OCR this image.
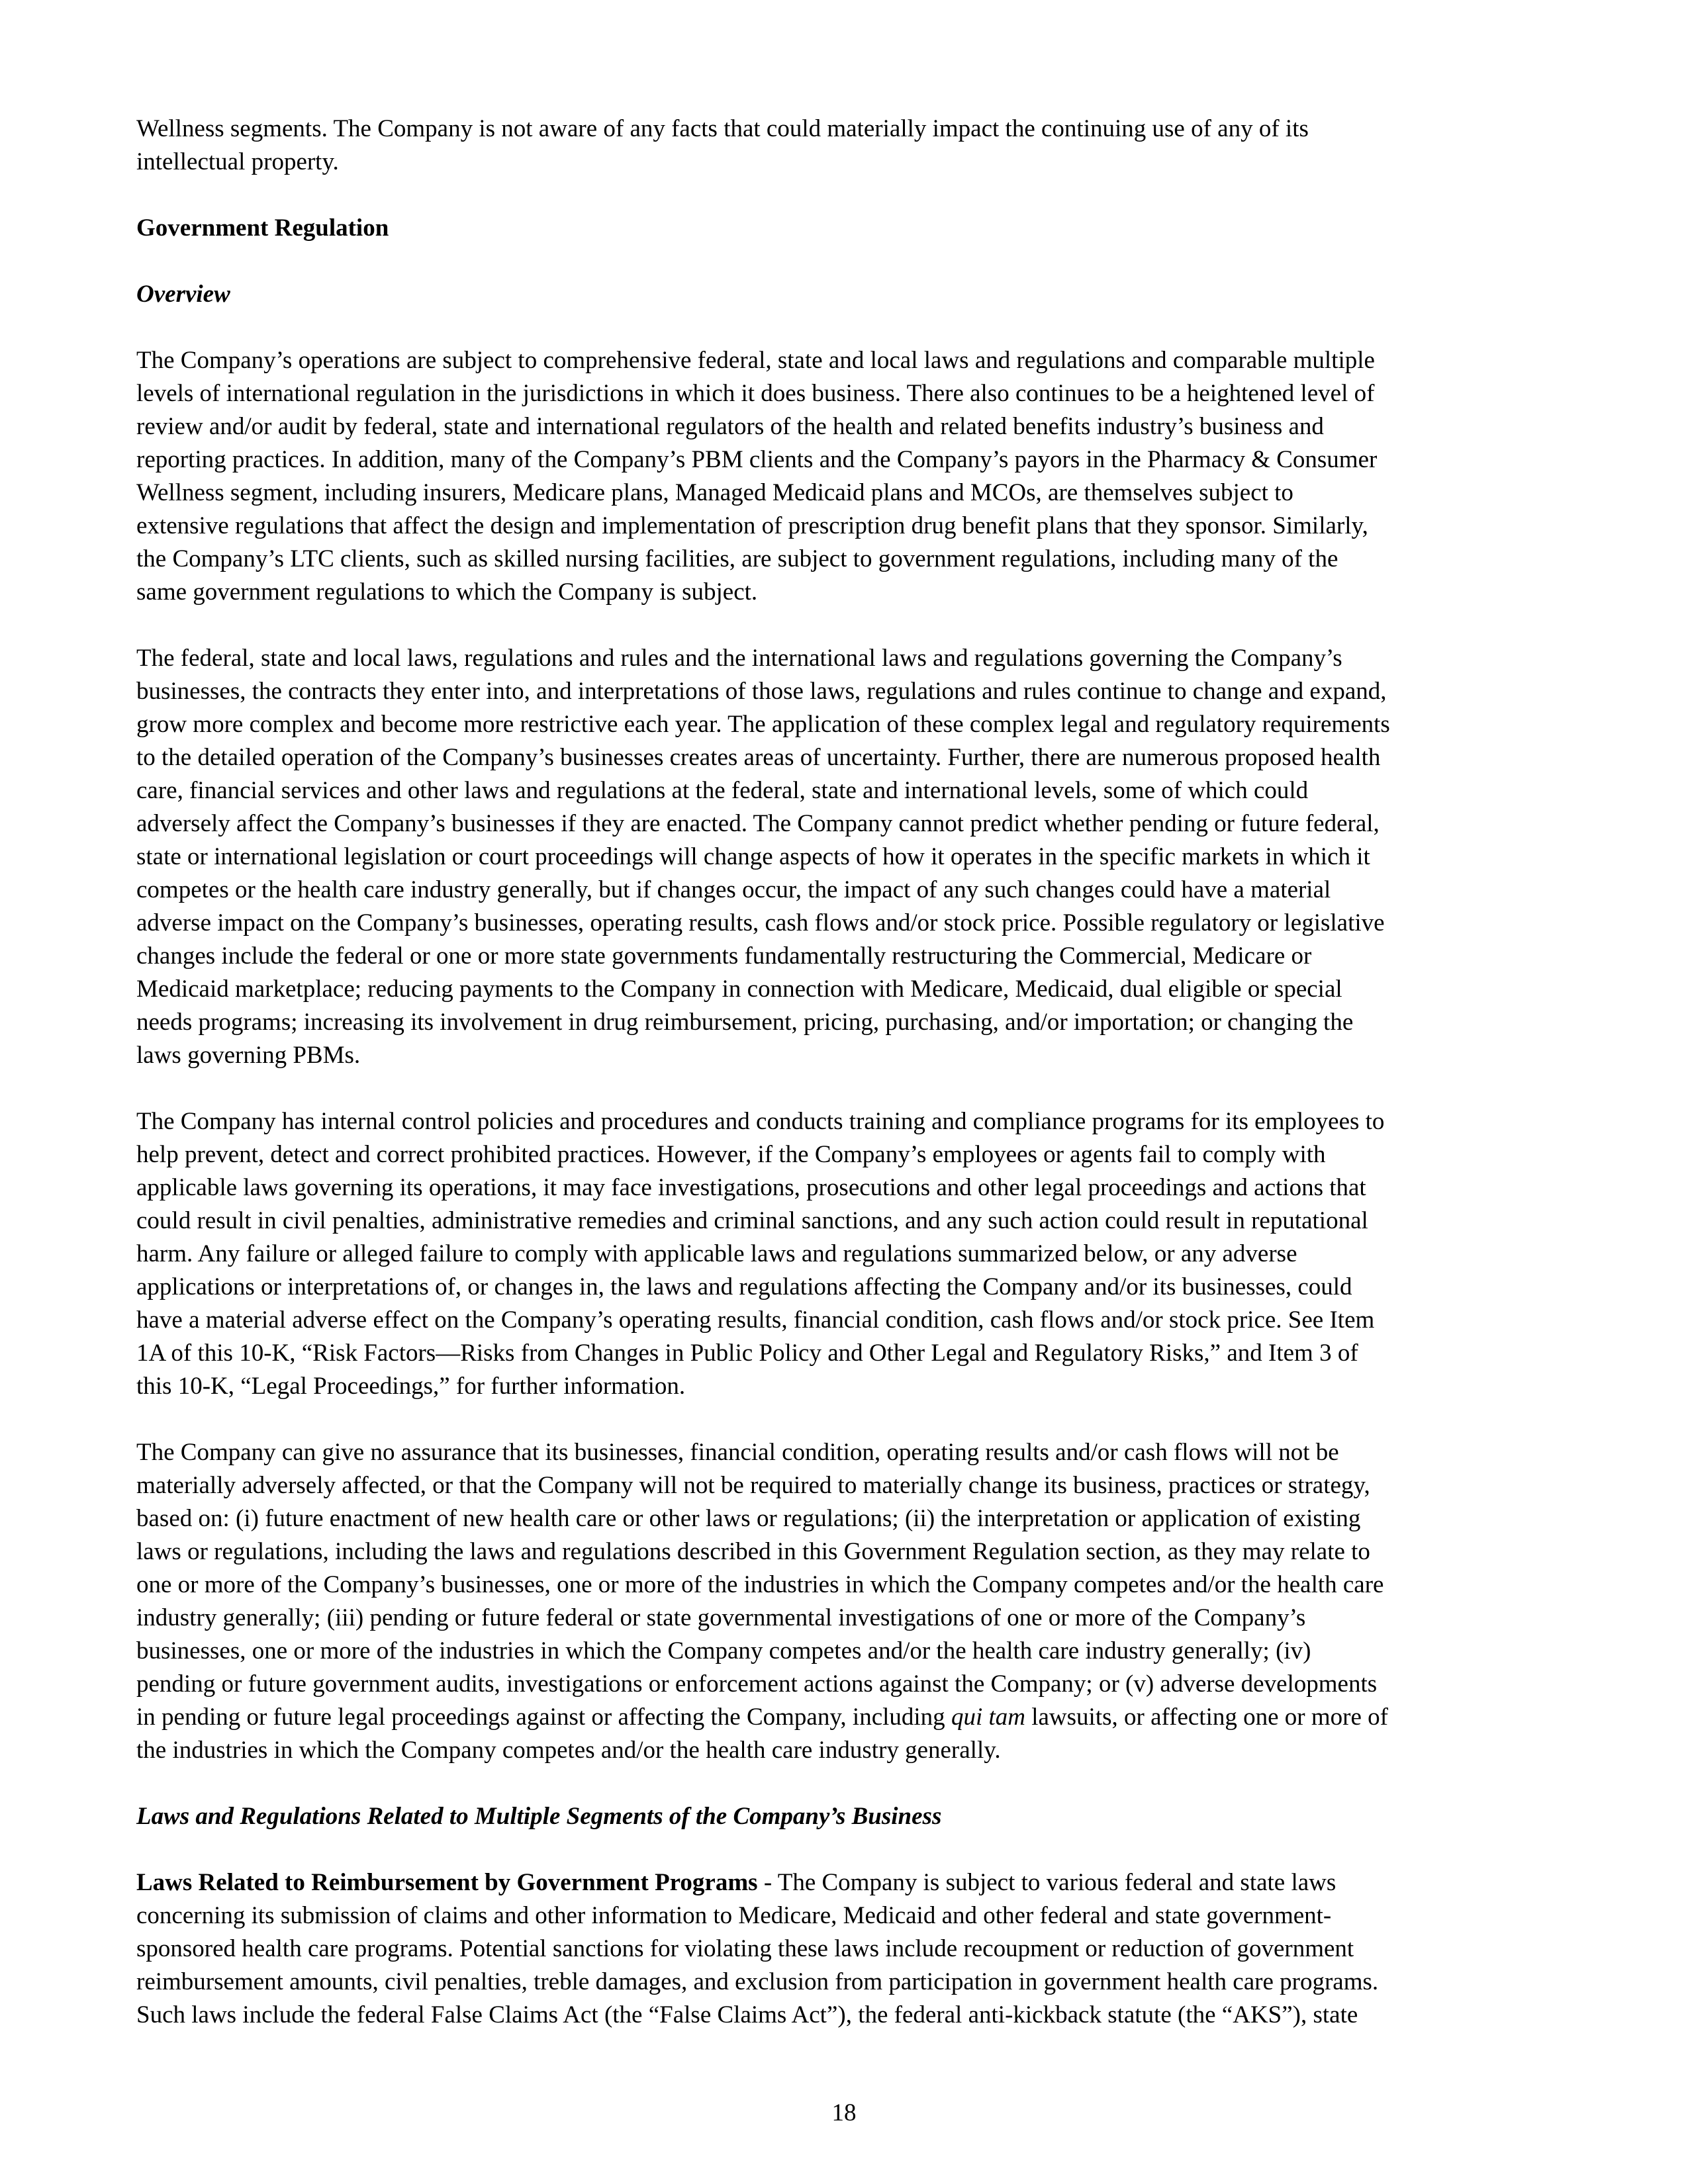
Wellness segments. The Company is not aware of any facts that could materially impact the continuing use of any of its
intellectual property.
Government Regulation
Overview
The Company’s operations are subject to comprehensive federal, state and local laws and regulations and comparable multiple
levels of international regulation in the jurisdictions in which it does business. There also continues to be a heightened level of
review and/or audit by federal, state and international regulators of the health and related benefits industry’s business and
reporting practices. In addition, many of the Company’s PBM clients and the Company’s payors in the Pharmacy & Consumer
Wellness segment, including insurers, Medicare plans, Managed Medicaid plans and MCOs, are themselves subject to
extensive regulations that affect the design and implementation of prescription drug benefit plans that they sponsor. Similarly,
the Company’s LTC clients, such as skilled nursing facilities, are subject to government regulations, including many of the
same government regulations to which the Company is subject.
The federal, state and local laws, regulations and rules and the international laws and regulations governing the Company’s
businesses, the contracts they enter into, and interpretations of those laws, regulations and rules continue to change and expand,
grow more complex and become more restrictive each year. The application of these complex legal and regulatory requirements
to the detailed operation of the Company’s businesses creates areas of uncertainty. Further, there are numerous proposed health
care, financial services and other laws and regulations at the federal, state and international levels, some of which could
adversely affect the Company’s businesses if they are enacted. The Company cannot predict whether pending or future federal,
state or international legislation or court proceedings will change aspects of how it operates in the specific markets in which it
competes or the health care industry generally, but if changes occur, the impact of any such changes could have a material
adverse impact on the Company’s businesses, operating results, cash flows and/or stock price. Possible regulatory or legislative
changes include the federal or one or more state governments fundamentally restructuring the Commercial, Medicare or
Medicaid marketplace; reducing payments to the Company in connection with Medicare, Medicaid, dual eligible or special
needs programs; increasing its involvement in drug reimbursement, pricing, purchasing, and/or importation; or changing the
laws governing PBMs.
The Company has internal control policies and procedures and conducts training and compliance programs for its employees to
help prevent, detect and correct prohibited practices. However, if the Company’s employees or agents fail to comply with
applicable laws governing its operations, it may face investigations, prosecutions and other legal proceedings and actions that
could result in civil penalties, administrative remedies and criminal sanctions, and any such action could result in reputational
harm. Any failure or alleged failure to comply with applicable laws and regulations summarized below, or any adverse
applications or interpretations of, or changes in, the laws and regulations affecting the Company and/or its businesses, could
have a material adverse effect on the Company’s operating results, financial condition, cash flows and/or stock price. See Item
1A of this 10-K, “Risk Factors—Risks from Changes in Public Policy and Other Legal and Regulatory Risks,” and Item 3 of
this 10-K, “Legal Proceedings,” for further information.
The Company can give no assurance that its businesses, financial condition, operating results and/or cash flows will not be
materially adversely affected, or that the Company will not be required to materially change its business, practices or strategy,
based on: (i) future enactment of new health care or other laws or regulations; (ii) the interpretation or application of existing
laws or regulations, including the laws and regulations described in this Government Regulation section, as they may relate to
one or more of the Company’s businesses, one or more of the industries in which the Company competes and/or the health care
industry generally; (iii) pending or future federal or state governmental investigations of one or more of the Company’s
businesses, one or more of the industries in which the Company competes and/or the health care industry generally; (iv)
pending or future government audits, investigations or enforcement actions against the Company; or (v) adverse developments
in pending or future legal proceedings against or affecting the Company, including qui tam lawsuits, or affecting one or more of
the industries in which the Company competes and/or the health care industry generally.
Laws and Regulations Related to Multiple Segments of the Company’s Business
Laws Related to Reimbursement by Government Programs - The Company is subject to various federal and state laws
concerning its submission of claims and other information to Medicare, Medicaid and other federal and state government-
sponsored health care programs. Potential sanctions for violating these laws include recoupment or reduction of government
reimbursement amounts, civil penalties, treble damages, and exclusion from participation in government health care programs.
Such laws include the federal False Claims Act (the “False Claims Act”), the federal anti-kickback statute (the “AKS”), state
18
